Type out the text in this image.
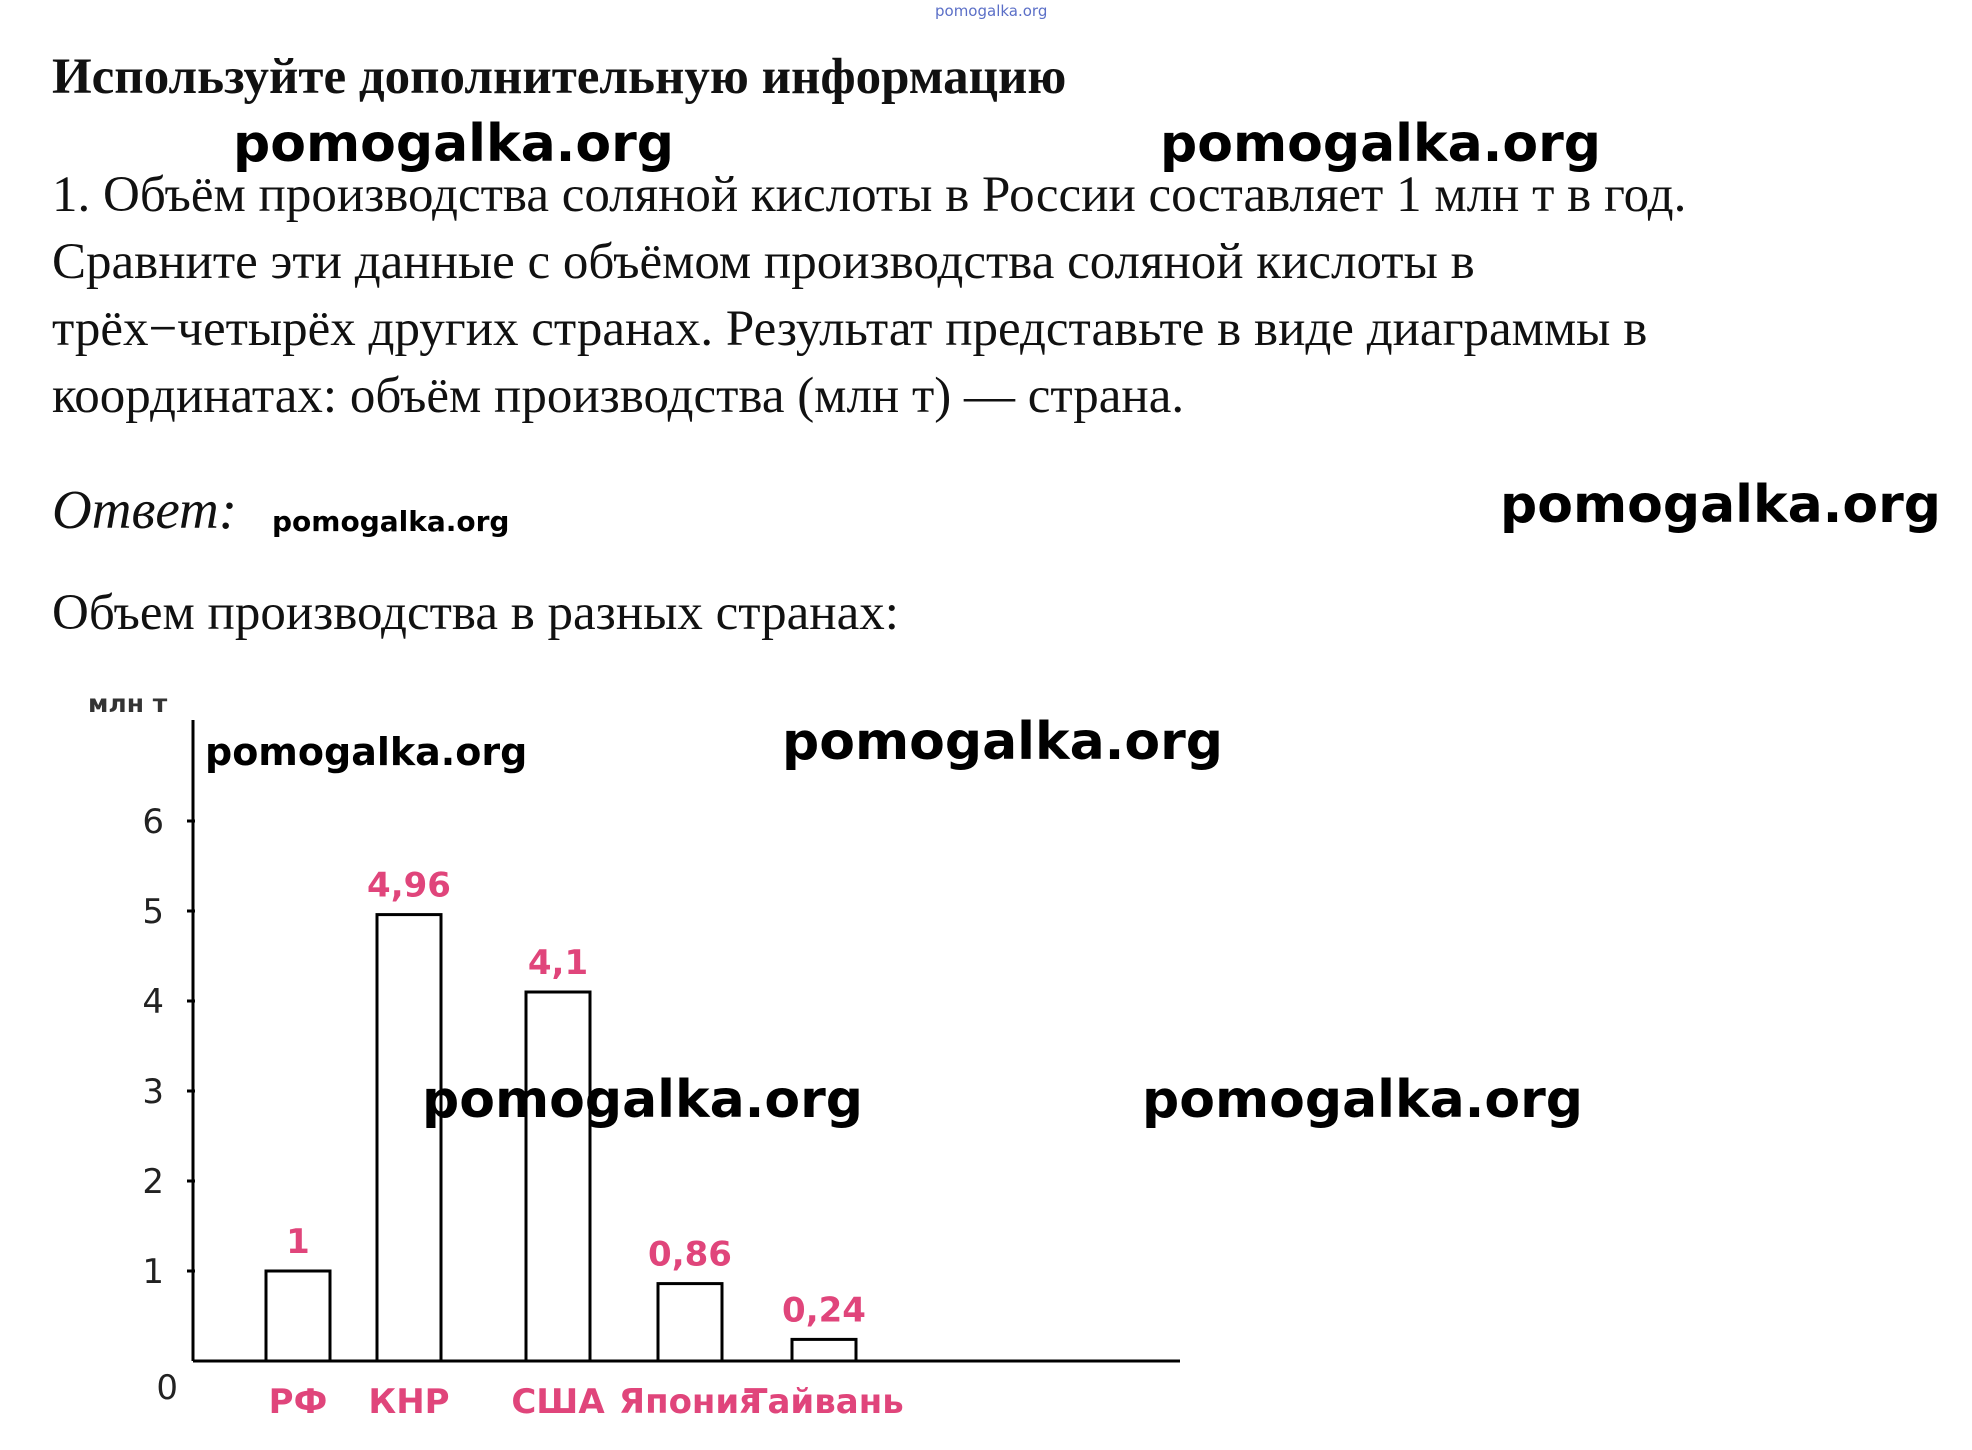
pomogalka.org
Используйте дополнительную информацию
1. Объём производства соляной кислоты в России составляет 1 млн т в год.
Сравните эти данные с объёмом производства соляной кислоты в
трёх−четырёх других странах. Результат представьте в виде диаграммы в
координатах: объём производства (млн т) — страна.
Ответ:
Объем производства в разных странах:
pomogalka.org	pomogalka.org
pomogalka.org	pomogalka.org
млн т
1
2
3
4
5
6
0
1
РФ
4,96
КНР
4,1
США
0,86
Япония
0,24
Тайвань
pomogalka.org	pomogalka.org
pomogalka.org	pomogalka.org
